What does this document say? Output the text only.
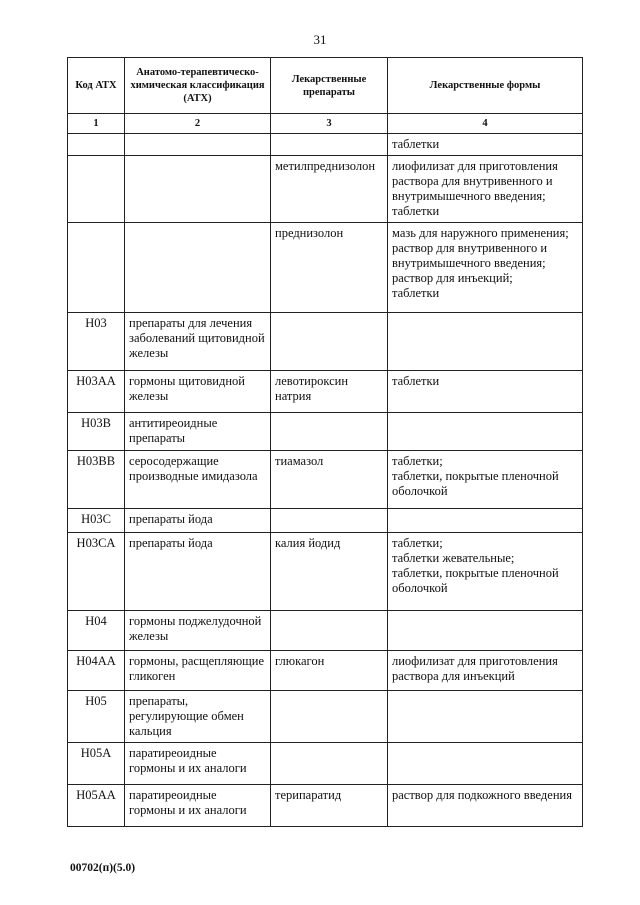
31
Код АТХ	Анатомо-терапевтическо-химическая классификация (АТХ)	Лекарственные препараты	Лекарственные формы
1	2	3	4

			таблетки

		метилпреднизолон	лиофилизат для приготовления раствора для внутривенного и внутримышечного введения;
таблетки

		преднизолон	мазь для наружного применения;
раствор для внутривенного и внутримышечного введения;
раствор для инъекций;
таблетки

H03	препараты для лечения заболеваний щитовидной железы		
H03AA	гормоны щитовидной железы	левотироксин натрия	таблетки

H03B	антитиреоидные препараты		
H03BB	серосодержащие производные имидазола	тиамазол	таблетки;
таблетки, покрытые пленочной оболочкой

H03C	препараты йода		
H03CA	препараты йода	калия йодид	таблетки;
таблетки жевательные;
таблетки, покрытые пленочной оболочкой

H04	гормоны поджелудочной железы		
H04AA	гормоны, расщепляющие гликоген	глюкагон	лиофилизат для приготовления раствора для инъекций

H05	препараты, регулирующие обмен кальция		
H05A	паратиреоидные гормоны и их аналоги		
H05AA	паратиреоидные гормоны и их аналоги	терипаратид	раствор для подкожного введения
00702(п)(5.0)
